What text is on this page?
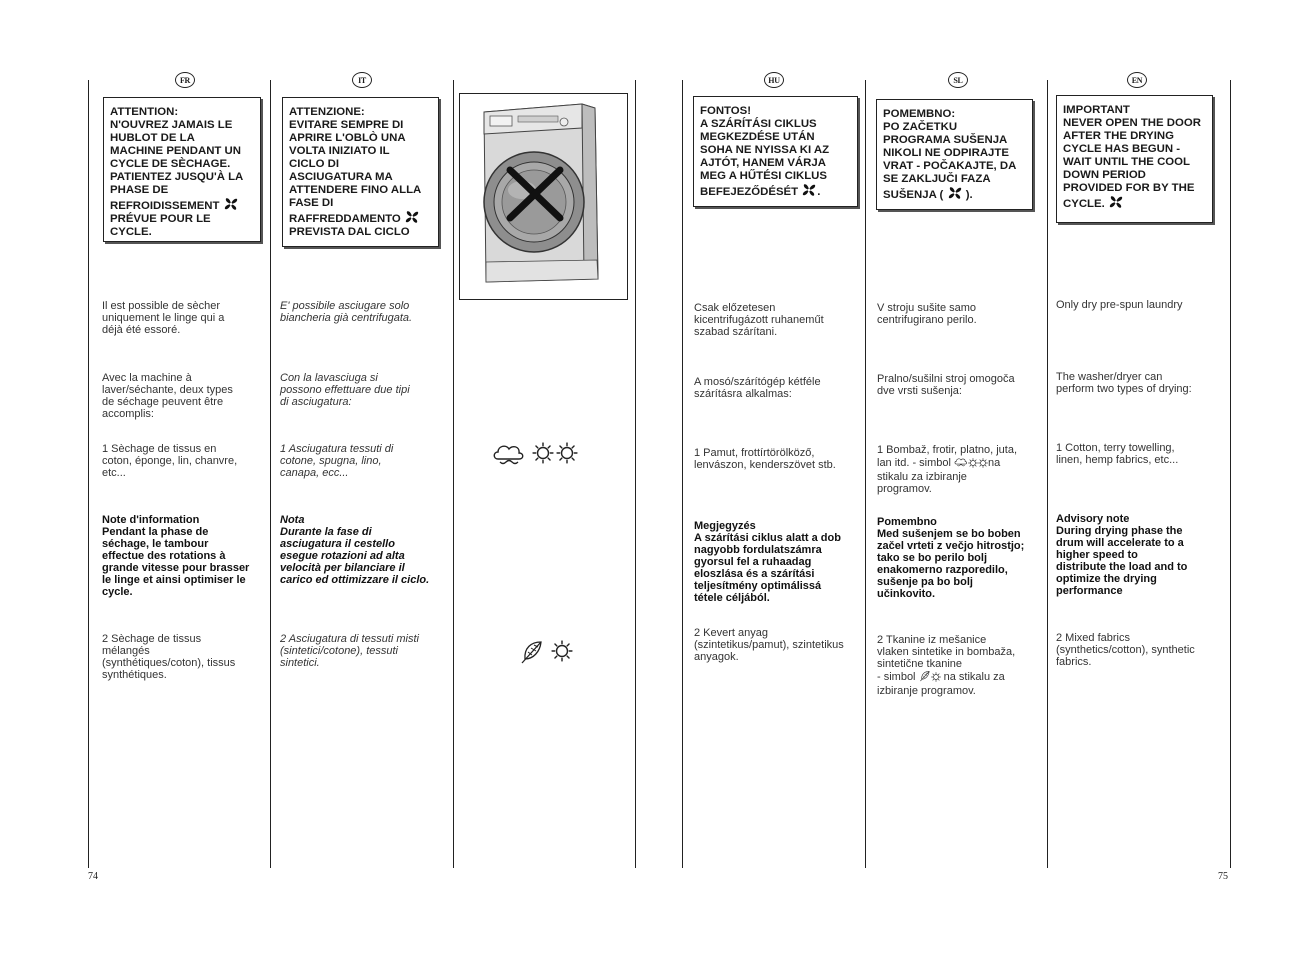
FR	IT	HU	SL	EN
ATTENTION:
N'OUVREZ JAMAIS LE
HUBLOT DE LA
MACHINE PENDANT UN
CYCLE DE SÈCHAGE.
PATIENTEZ JUSQU'À LA
PHASE DE
REFROIDISSEMENT
PRÉVUE POUR LE
CYCLE.
Il est possible de sècher
uniquement le linge qui a
déjà été essoré.
Avec la machine à
laver/séchante, deux types
de séchage peuvent être
accomplis:
1 Sèchage de tissus en
coton, éponge, lin, chanvre,
etc...
Note d'information
Pendant la phase de
séchage, le tambour
effectue des rotations à
grande vitesse pour brasser
le linge et ainsi optimiser le
cycle.
2 Sèchage de tissus
mélangés
(synthétiques/coton), tissus
synthétiques.
ATTENZIONE:
EVITARE SEMPRE DI
APRIRE L'OBLÒ UNA
VOLTA INIZIATO IL
CICLO DI
ASCIUGATURA MA
ATTENDERE FINO ALLA
FASE DI
RAFFREDDAMENTO
PREVISTA DAL CICLO
E' possibile asciugare solo
biancheria già centrifugata.
Con la lavasciuga si
possono effettuare due tipi
di asciugatura:
1 Asciugatura tessuti di
cotone, spugna, lino,
canapa, ecc...
Nota
Durante la fase di
asciugatura il cestello
esegue rotazioni ad alta
velocità per bilanciare il
carico ed ottimizzare il ciclo.
2 Asciugatura di tessuti misti
(sintetici/cotone), tessuti
sintetici.
FONTOS!
A SZÁRÍTÁSI CIKLUS
MEGKEZDÉSE UTÁN
SOHA NE NYISSA KI AZ
AJTÓT, HANEM VÁRJA
MEG A HŰTÉSI CIKLUS
BEFEJEZŐDÉSÉT .
Csak előzetesen
kicentrifugázott ruhaneműt
szabad szárítani.
A mosó/szárítógép kétféle
szárításra alkalmas:
1 Pamut, frottírtörölköző,
lenvászon, kenderszövet stb.
Megjegyzés
A szárítási ciklus alatt a dob
nagyobb fordulatszámra
gyorsul fel a ruhaadag
eloszlása és a szárítási
teljesítmény optimálissá
tétele céljából.
2 Kevert anyag
(szintetikus/pamut), szintetikus
anyagok.
POMEMBNO:
PO ZAČETKU
PROGRAMA SUŠENJA
NIKOLI NE ODPIRAJTE
VRAT - POČAKAJTE, DA
SE ZAKLJUČI FAZA
SUŠENJA ( ).
V stroju sušite samo
centrifugirano perilo.
Pralno/sušilni stroj omogoča
dve vrsti sušenja:
1 Bombaž, frotir, platno, juta,
lan itd. - simbol	na
stikalu za izbiranje
programov.
Pomembno
Med sušenjem se bo boben
začel vrteti z večjo hitrostjo;
tako se bo perilo bolj
enakomerno razporedilo,
sušenje pa bo bolj
učinkovito.
2 Tkanine iz mešanice
vlaken sintetike in bombaža,
sintetične tkanine
- simbol	na stikalu za
izbiranje programov.
IMPORTANT
NEVER OPEN THE DOOR
AFTER THE DRYING
CYCLE HAS BEGUN -
WAIT UNTIL THE COOL
DOWN PERIOD
PROVIDED FOR BY THE
CYCLE.
Only dry pre-spun laundry
The washer/dryer can
perform two types of drying:
1 Cotton, terry towelling,
linen, hemp fabrics, etc...
Advisory note
During drying phase the
drum will accelerate to a
higher speed to
distribute the load and to
optimize the drying
performance
2 Mixed fabrics
(synthetics/cotton), synthetic
fabrics.
74	75
